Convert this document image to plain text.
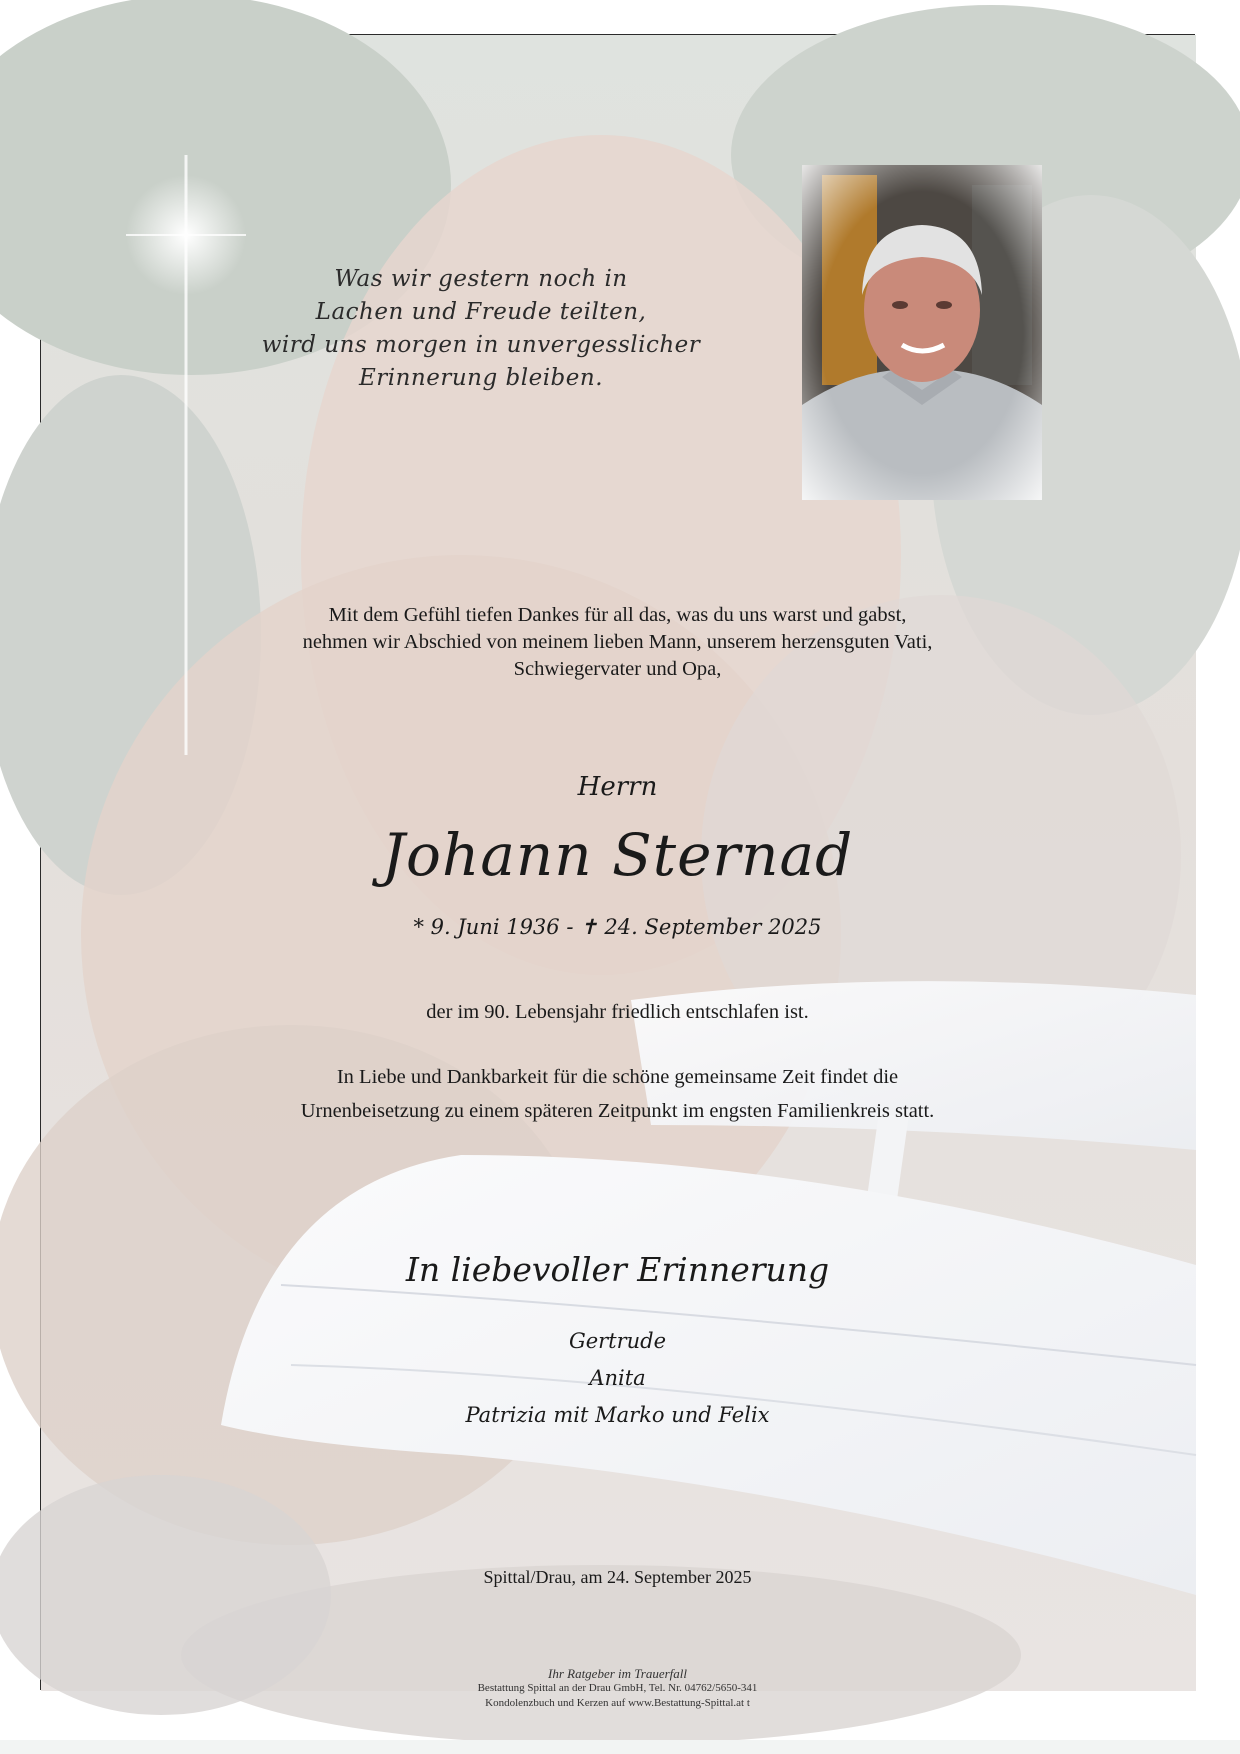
Was wir gestern noch in
Lachen und Freude teilten,
wird uns morgen in unvergesslicher
Erinnerung bleiben.
Mit dem Gefühl tiefen Dankes für all das, was du uns warst und gabst,
nehmen wir Abschied von meinem lieben Mann, unserem herzensguten Vati,
Schwiegervater und Opa,
Herrn
Johann Sternad
* 9. Juni 1936 - ✝ 24. September 2025
der im 90. Lebensjahr friedlich entschlafen ist.
In Liebe und Dankbarkeit für die schöne gemeinsame Zeit findet die
Urnenbeisetzung zu einem späteren Zeitpunkt im engsten Familienkreis statt.
In liebevoller Erinnerung
Gertrude
Anita
Patrizia mit Marko und Felix
Spittal/Drau, am 24. September 2025
Ihr Ratgeber im Trauerfall
Bestattung Spittal an der Drau GmbH, Tel. Nr. 04762/5650-341
Kondolenzbuch und Kerzen auf www.Bestattung-Spittal.at t
